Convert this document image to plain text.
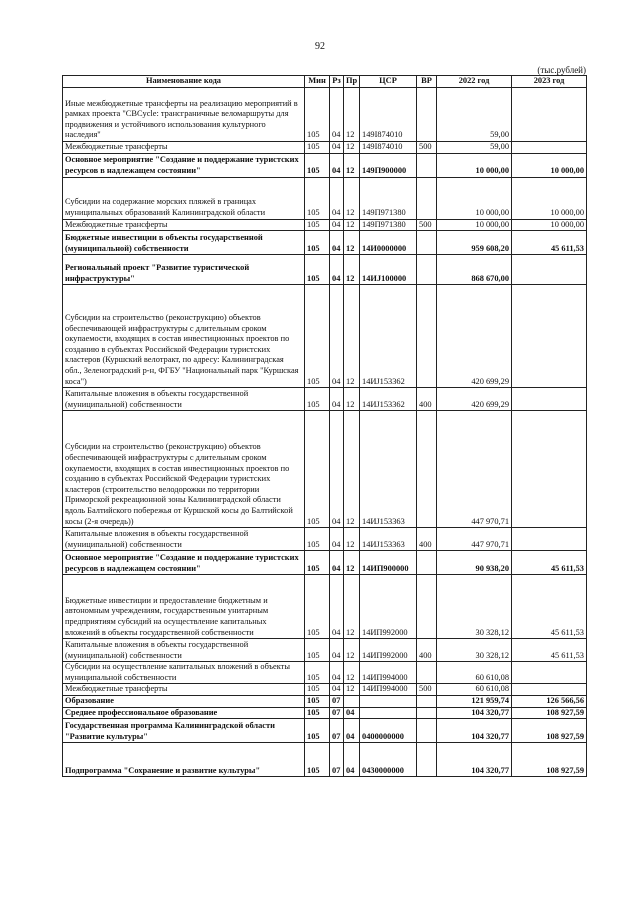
92
(тыс.рублей)
Наименование кода	Мин	Рз	Пр	ЦСР	ВР	2022 год	2023 год
Иные межбюджетные трансферты на реализацию мероприятий в рамках проекта "CBCycle: трансграничные веломаршруты для продвижения и устойчивого использования культурного наследия"	105	04	12	149I874010		59,00	
Межбюджетные трансферты	105	04	12	149I874010	500	59,00	
Основное мероприятие "Создание и поддержание туристских ресурсов в надлежащем состоянии"	105	04	12	149П900000		10 000,00	10 000,00
Субсидии на содержание морских пляжей в границах муниципальных образований Калининградской области	105	04	12	149П971380		10 000,00	10 000,00
Межбюджетные трансферты	105	04	12	149П971380	500	10 000,00	10 000,00
Бюджетные инвестиции в объекты государственной (муниципальной) собственности	105	04	12	14И0000000		959 608,20	45 611,53
Региональный проект "Развитие туристической инфраструктуры"	105	04	12	14ИJ100000		868 670,00	
Субсидии на строительство (реконструкцию) объектов обеспечивающей инфраструктуры с длительным сроком окупаемости, входящих в состав инвестиционных проектов по созданию в субъектах Российской Федерации туристских кластеров (Куршский велотракт, по адресу: Калининградская обл., Зеленоградский р-н, ФГБУ "Национальный парк "Куршская коса")	105	04	12	14ИJ153362		420 699,29	
Капитальные вложения в объекты государственной (муниципальной) собственности	105	04	12	14ИJ153362	400	420 699,29	
Субсидии на строительство (реконструкцию) объектов обеспечивающей инфраструктуры с длительным сроком окупаемости, входящих в состав инвестиционных проектов по созданию в субъектах Российской Федерации туристских кластеров (строительство велодорожки по территории Приморской рекреационной зоны Калининградской области вдоль Балтийского побережья от Куршской косы до Балтийской косы (2-я очередь))	105	04	12	14ИJ153363		447 970,71	
Капитальные вложения в объекты государственной (муниципальной) собственности	105	04	12	14ИJ153363	400	447 970,71	
Основное мероприятие "Создание и поддержание туристских ресурсов в надлежащем состоянии"	105	04	12	14ИП900000		90 938,20	45 611,53
Бюджетные инвестиции и предоставление бюджетным и автономным учреждениям, государственным унитарным предприятиям субсидий на осуществление капитальных вложений в объекты государственной собственности	105	04	12	14ИП992000		30 328,12	45 611,53
Капитальные вложения в объекты государственной (муниципальной) собственности	105	04	12	14ИП992000	400	30 328,12	45 611,53
Субсидии на осуществление капитальных вложений в объекты муниципальной собственности	105	04	12	14ИП994000		60 610,08	
Межбюджетные трансферты	105	04	12	14ИП994000	500	60 610,08	
Образование	105	07				121 959,74	126 566,56
Среднее профессиональное образование	105	07	04			104 320,77	108 927,59
Государственная программа Калининградской области "Развитие культуры"	105	07	04	0400000000		104 320,77	108 927,59
Подпрограмма "Сохранение и развитие культуры"	105	07	04	0430000000		104 320,77	108 927,59
